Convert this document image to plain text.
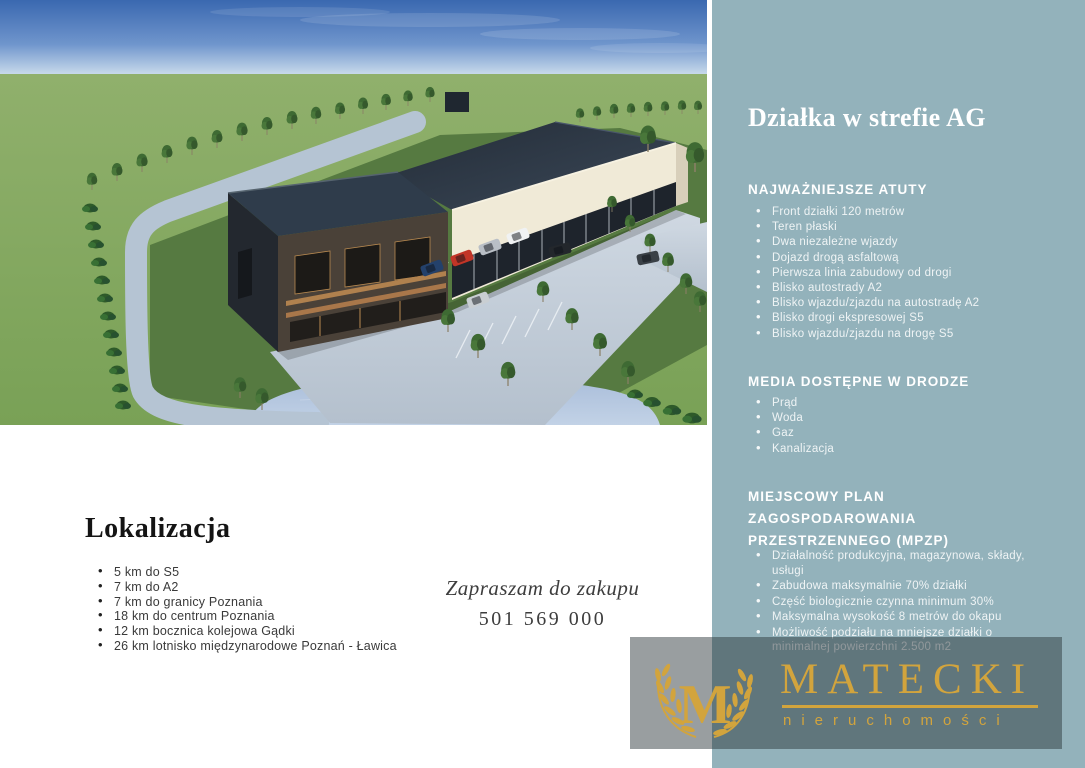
Działka w strefie AG
NAJWAŻNIEJSZE ATUTY
• Front działki 120 metrów
• Teren płaski
• Dwa niezależne wjazdy
• Dojazd drogą asfaltową
• Pierwsza linia zabudowy od drogi
• Blisko autostrady A2
• Blisko wjazdu/zjazdu na autostradę A2
• Blisko drogi ekspresowej S5
• Blisko wjazdu/zjazdu na drogę S5
MEDIA DOSTĘPNE W DRODZE
• Prąd
• Woda
• Gaz
• Kanalizacja
MIEJSCOWY PLAN ZAGOSPODAROWANIA PRZESTRZENNEGO (MPZP)
• Działalność produkcyjna, magazynowa, składy, usługi
• Zabudowa maksymalnie 70% działki
• Część biologicznie czynna minimum 30%
• Maksymalna wysokość 8 metrów do okapu
• Możliwość podziału na mniejsze działki o minimalnej powierzchni 2.500 m2
Lokalizacja
• 5 km do S5
• 7 km do A2
• 7 km do granicy Poznania
• 18 km do centrum Poznania
• 12 km bocznica kolejowa Gądki
• 26 km lotnisko międzynarodowe Poznań - Ławica
Zapraszam do zakupu
501 569 000
M MATECKI
nieruchomości
